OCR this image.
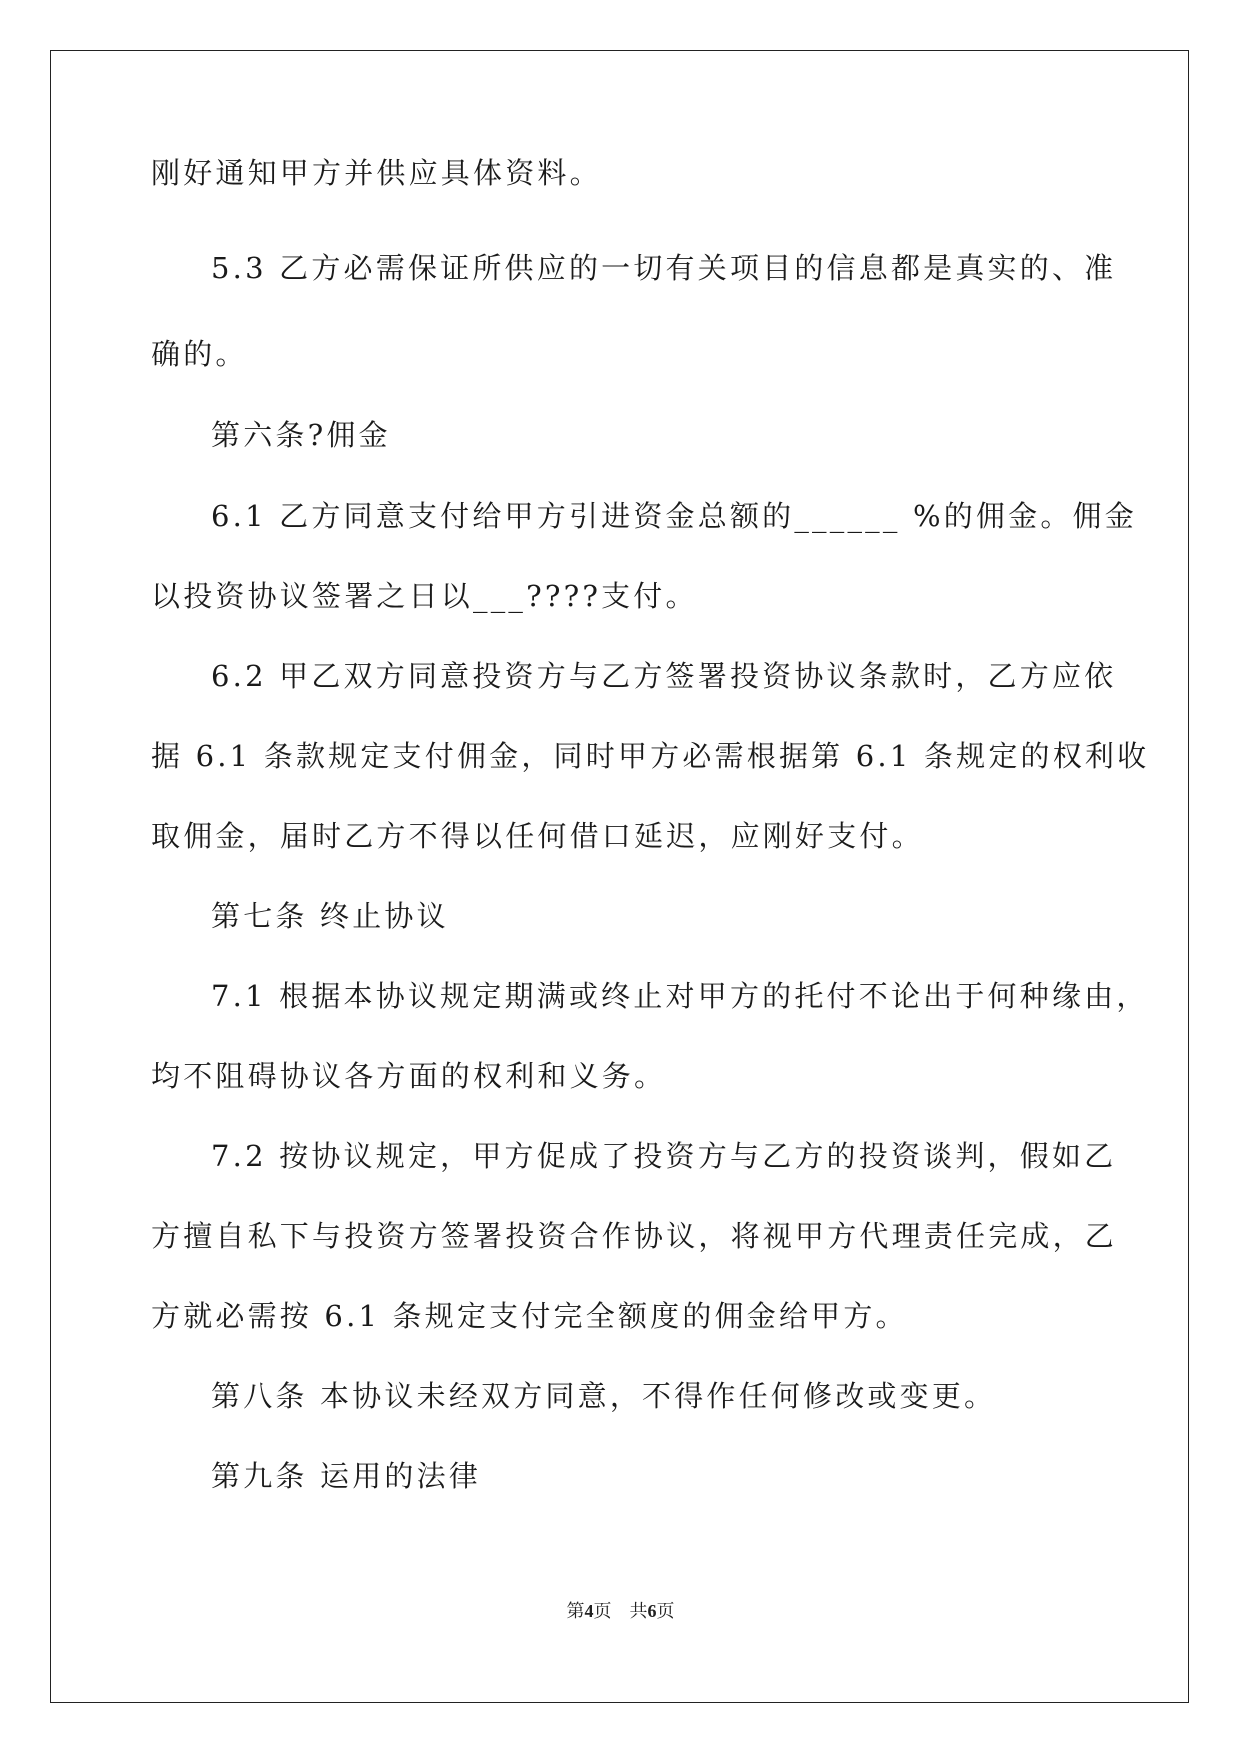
刚好通知甲方并供应具体资料。
5.3 乙方必需保证所供应的一切有关项目的信息都是真实的、准
确的。
第六条?佣金
6.1 乙方同意支付给甲方引进资金总额的______ %的佣金。佣金
以投资协议签署之日以___????支付。
6.2 甲乙双方同意投资方与乙方签署投资协议条款时，乙方应依
据 6.1 条款规定支付佣金，同时甲方必需根据第 6.1 条规定的权利收
取佣金，届时乙方不得以任何借口延迟，应刚好支付。
第七条 终止协议
7.1 根据本协议规定期满或终止对甲方的托付不论出于何种缘由，
均不阻碍协议各方面的权利和义务。
7.2 按协议规定，甲方促成了投资方与乙方的投资谈判，假如乙
方擅自私下与投资方签署投资合作协议，将视甲方代理责任完成，乙
方就必需按 6.1 条规定支付完全额度的佣金给甲方。
第八条 本协议未经双方同意，不得作任何修改或变更。
第九条 运用的法律
第4页　共6页
